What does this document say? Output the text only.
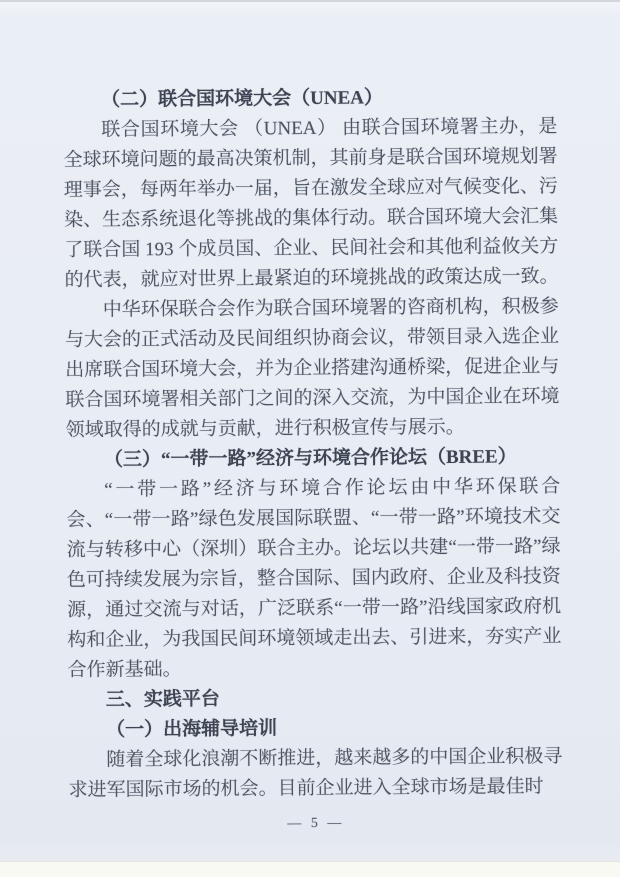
（二）联合国环境大会（UNEA）
联合国环境大会 （UNEA） 由联合国环境署主办，是全球环境问题的最高决策机制，其前身是联合国环境规划署理事会，每两年举办一届，旨在激发全球应对气候变化、污染、生态系统退化等挑战的集体行动。联合国环境大会汇集了联合国 193 个成员国、企业、民间社会和其他利益攸关方的代表，就应对世界上最紧迫的环境挑战的政策达成一致。
中华环保联合会作为联合国环境署的咨商机构，积极参与大会的正式活动及民间组织协商会议，带领目录入选企业出席联合国环境大会，并为企业搭建沟通桥梁，促进企业与联合国环境署相关部门之间的深入交流，为中国企业在环境领域取得的成就与贡献，进行积极宣传与展示。
（三）“一带一路”经济与环境合作论坛（BREE）
“一带一路”经济与环境合作论坛由中华环保联合会、“一带一路”绿色发展国际联盟、“一带一路”环境技术交流与转移中心（深圳）联合主办。论坛以共建“一带一路”绿色可持续发展为宗旨，整合国际、国内政府、企业及科技资源，通过交流与对话，广泛联系“一带一路”沿线国家政府机构和企业，为我国民间环境领域走出去、引进来，夯实产业合作新基础。
三、实践平台
（一）出海辅导培训
随着全球化浪潮不断推进，越来越多的中国企业积极寻求进军国际市场的机会。目前企业进入全球市场是最佳时
— 5 —
